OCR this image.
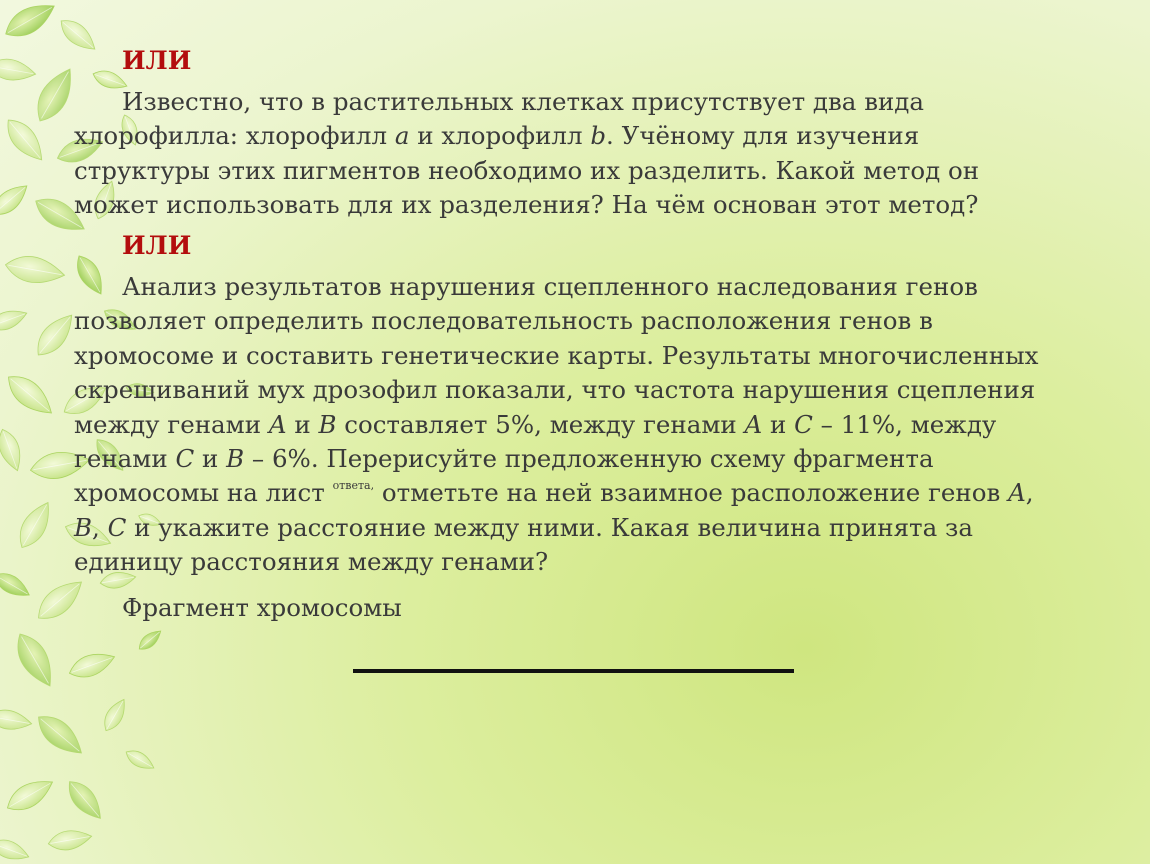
ИЛИ
Известно, что в растительных клетках присутствует два вида
хлорофилла: хлорофилл a и хлорофилл b. Учёному для изучения
структуры этих пигментов необходимо их разделить. Какой метод он
может использовать для их разделения? На чём основан этот метод?
ИЛИ
Анализ результатов нарушения сцепленного наследования генов
позволяет определить последовательность расположения генов в
хромосоме и составить генетические карты. Результаты многочисленных
скрещиваний мух дрозофил показали, что частота нарушения сцепления
между генами A и B составляет 5%, между генами A и C – 11%, между
генами C и B – 6%. Перерисуйте предложенную схему фрагмента
хромосомы на лист $^{ответа,}$ отметьте на ней взаимное расположение генов A,
B, C и укажите расстояние между ними. Какая величина принята за
единицу расстояния между генами?
Фрагмент хромосомы
